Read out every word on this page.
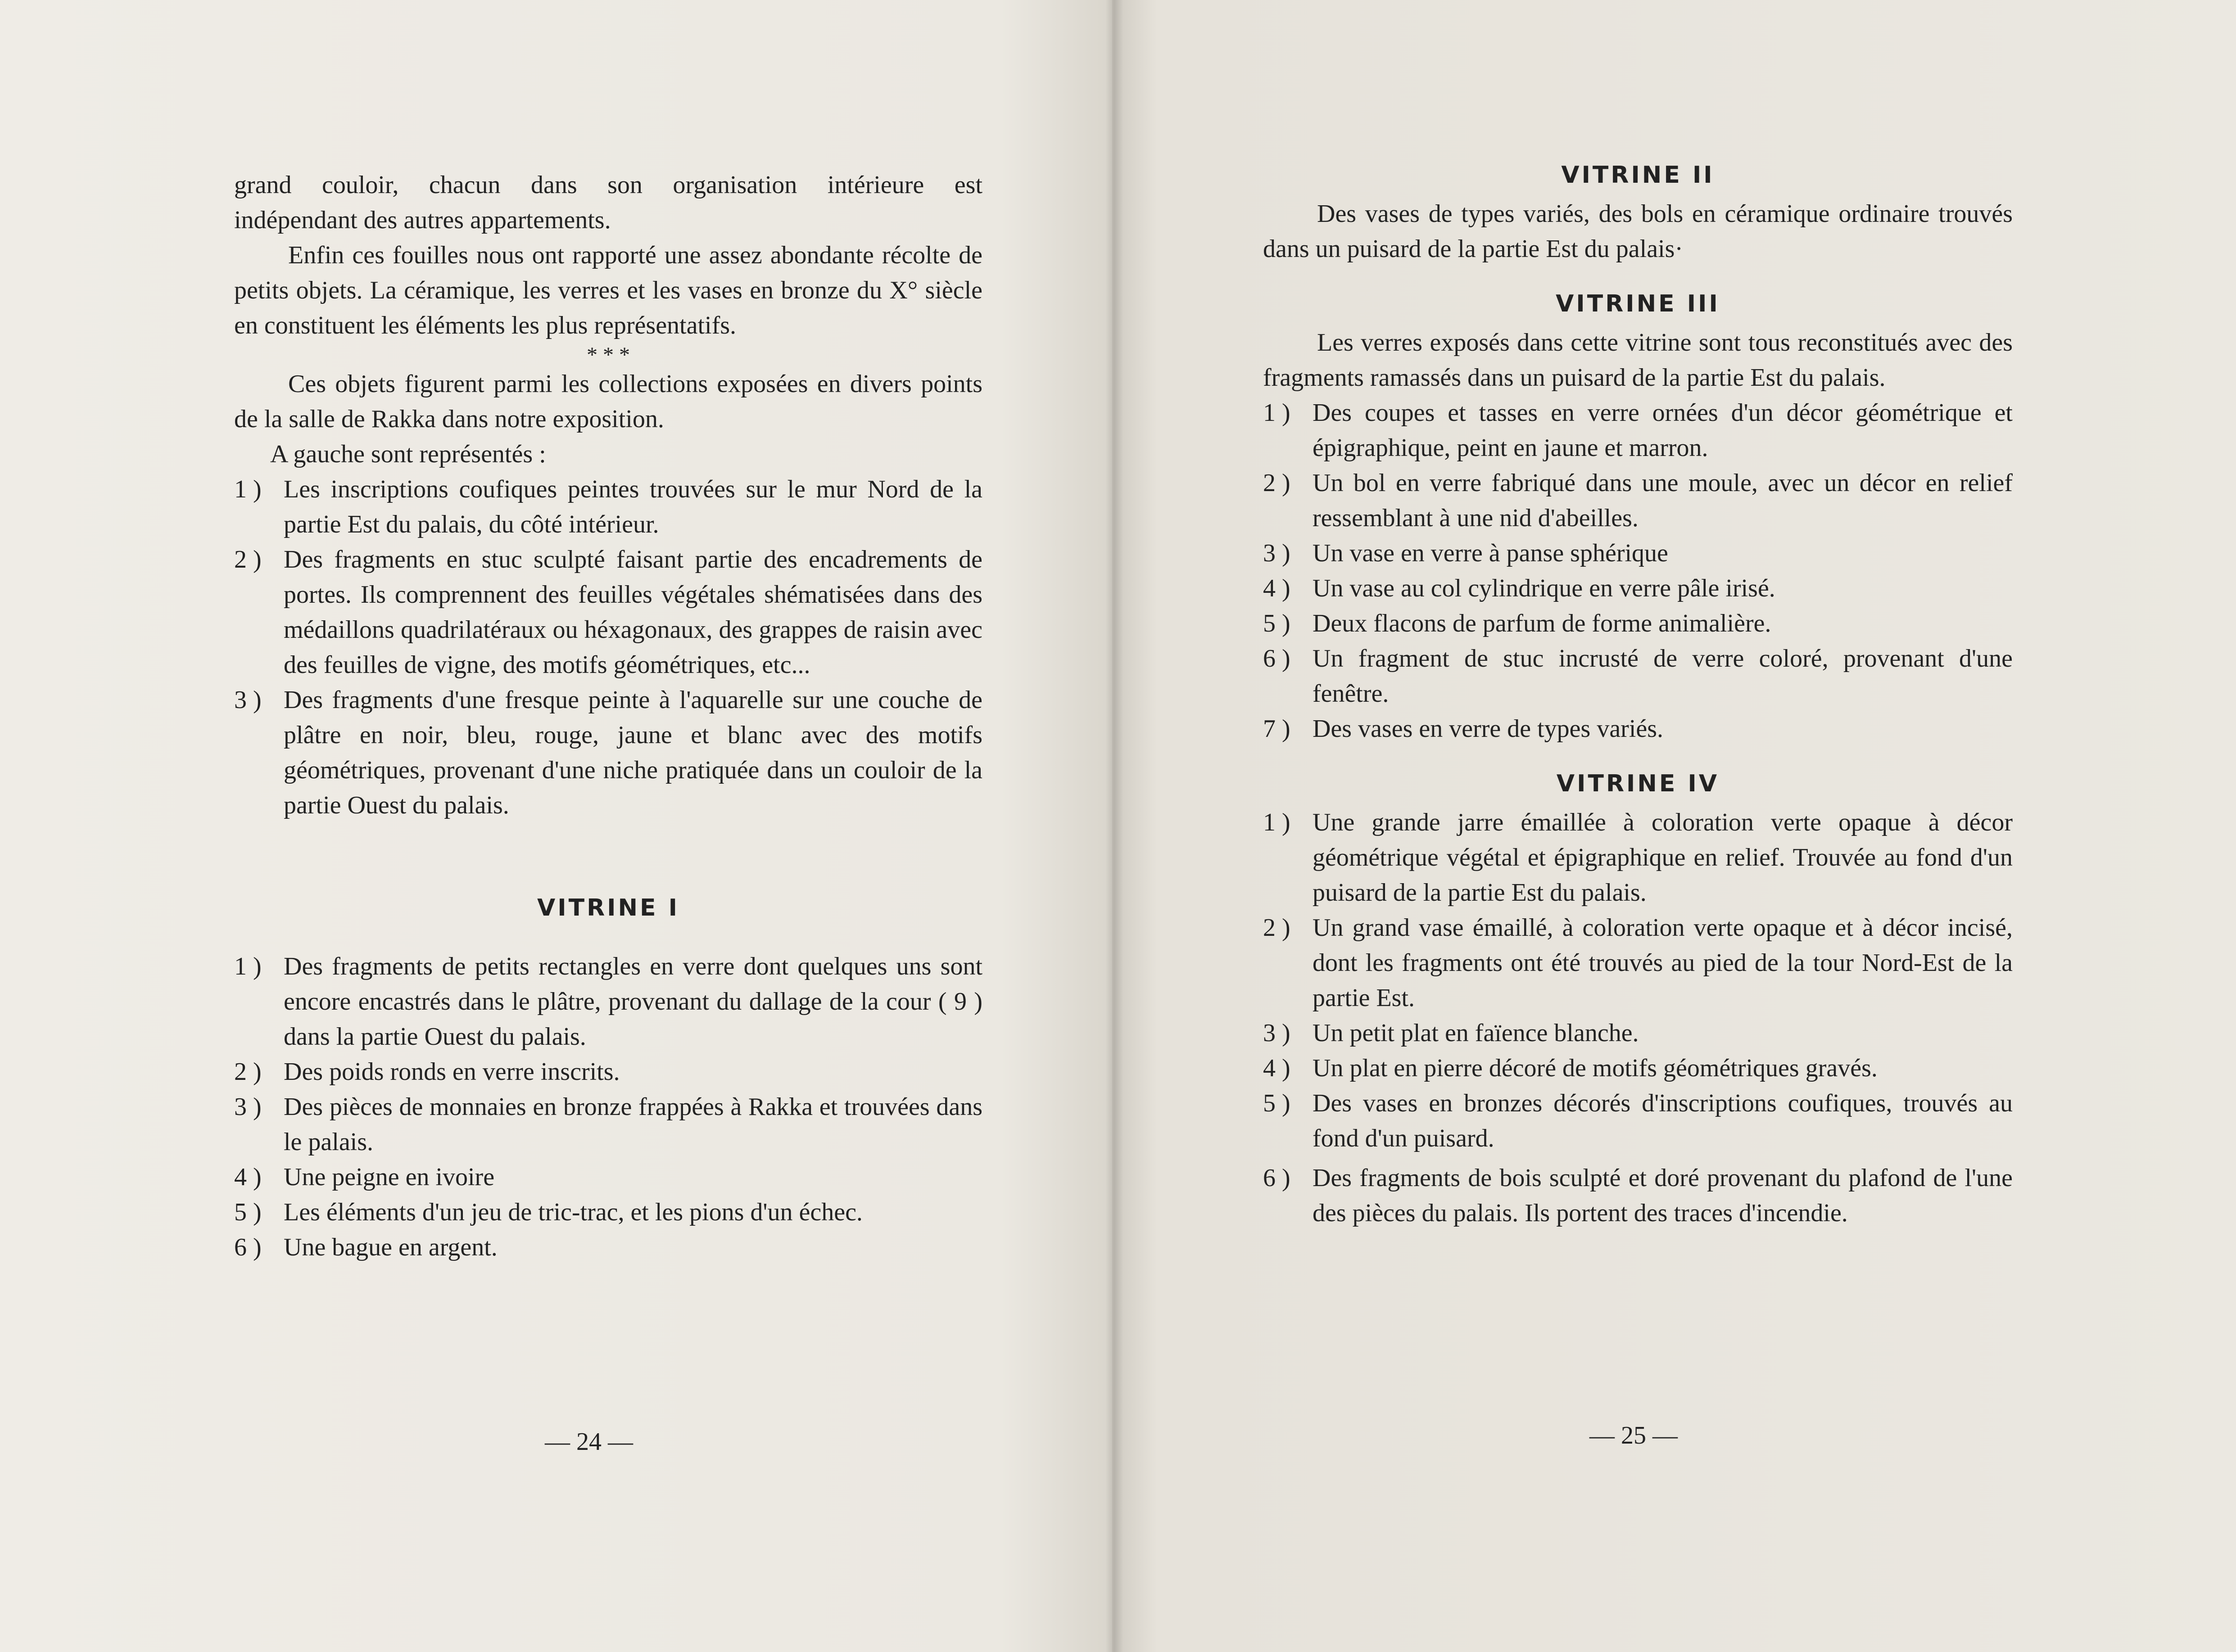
grand couloir, chacun dans son organisation intérieure est

indépendant des autres appartements.

Enfin ces fouilles nous ont rapporté une assez abondante récolte de petits objets. La céramique, les verres et les vases en bronze du X° siècle en constituent les éléments les plus représentatifs.

* * *

Ces objets figurent parmi les collections exposées en divers points de la salle de Rakka dans notre exposition.

A gauche sont représentés :

1 ) Les inscriptions coufiques peintes trouvées sur le mur Nord de la partie Est du palais, du côté intérieur.
2 ) Des fragments en stuc sculpté faisant partie des encadrements de portes. Ils comprennent des feuilles végétales shématisées dans des médaillons quadrilatéraux ou héxagonaux, des grappes de raisin avec des feuilles de vigne, des motifs géométriques, etc...
3 ) Des fragments d'une fresque peinte à l'aquarelle sur une couche de plâtre en noir, bleu, rouge, jaune et blanc avec des motifs géométriques, provenant d'une niche pratiquée dans un couloir de la partie Ouest du palais.
VITRINE I
1 ) Des fragments de petits rectangles en verre dont quelques uns sont encore encastrés dans le plâtre, provenant du dallage de la cour ( 9 ) dans la partie Ouest du palais.
2 ) Des poids ronds en verre inscrits.
3 ) Des pièces de monnaies en bronze frappées à Rakka et trouvées dans le palais.
4 ) Une peigne en ivoire
5 ) Les éléments d'un jeu de tric-trac, et les pions d'un échec.
6 ) Une bague en argent.
— 24 —	— 25 —
VITRINE II

Des vases de types variés, des bols en céramique ordinaire trouvés dans un puisard de la partie Est du palais·

VITRINE III

Les verres exposés dans cette vitrine sont tous reconstitués avec des fragments ramassés dans un puisard de la partie Est du palais.

1 ) Des coupes et tasses en verre ornées d'un décor géométrique et épigraphique, peint en jaune et marron.
2 ) Un bol en verre fabriqué dans une moule, avec un décor en relief ressemblant à une nid d'abeilles.
3 ) Un vase en verre à panse sphérique
4 ) Un vase au col cylindrique en verre pâle irisé.
5 ) Deux flacons de parfum de forme animalière.
6 ) Un fragment de stuc incrusté de verre coloré, provenant d'une fenêtre.
7 ) Des vases en verre de types variés.
VITRINE IV
1 ) Une grande jarre émaillée à coloration verte opaque à décor géométrique végétal et épigraphique en relief. Trouvée au fond d'un puisard de la partie Est du palais.
2 ) Un grand vase émaillé, à coloration verte opaque et à décor incisé, dont les fragments ont été trouvés au pied de la tour Nord-Est de la partie Est.
3 ) Un petit plat en faïence blanche.
4 ) Un plat en pierre décoré de motifs géométriques gravés.
5 ) Des vases en bronzes décorés d'inscriptions coufiques, trouvés au fond d'un puisard.
6 ) Des fragments de bois sculpté et doré provenant du plafond de l'une des pièces du palais. Ils portent des traces d'incendie.
